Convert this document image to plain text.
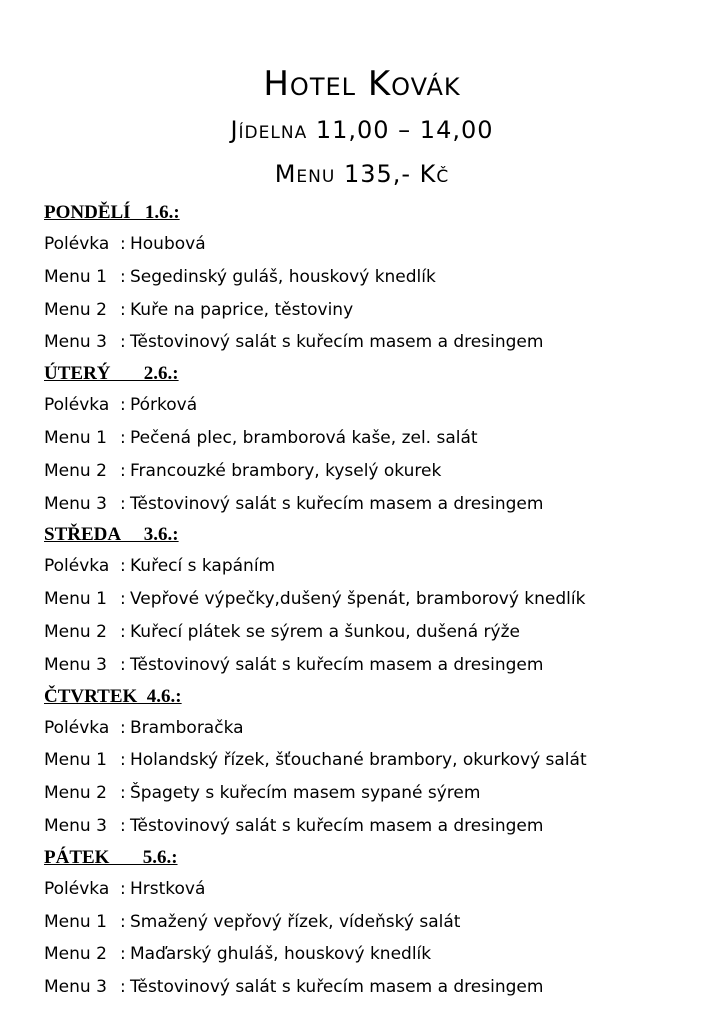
Hotel Kovák
Jídelna 11,00 – 14,00
Menu 135,- Kč
PONDĚLÍ   1.6.:
Polévka : Houbová
Menu 1 : Segedinský guláš, houskový knedlík
Menu 2 : Kuře na paprice, těstoviny
Menu 3 : Těstovinový salát s kuřecím masem a dresingem
ÚTERÝ       2.6.:
Polévka : Pórková
Menu 1 : Pečená plec, bramborová kaše, zel. salát
Menu 2 : Francouzké brambory, kyselý okurek
Menu 3 : Těstovinový salát s kuřecím masem a dresingem
STŘEDA     3.6.:
Polévka : Kuřecí s kapáním
Menu 1 : Vepřové výpečky,dušený špenát, bramborový knedlík
Menu 2 : Kuřecí plátek se sýrem a šunkou, dušená rýže
Menu 3 : Těstovinový salát s kuřecím masem a dresingem
ČTVRTEK  4.6.:
Polévka : Bramboračka
Menu 1 : Holandský řízek, šťouchané brambory, okurkový salát
Menu 2 : Špagety s kuřecím masem sypané sýrem
Menu 3 : Těstovinový salát s kuřecím masem a dresingem
PÁTEK       5.6.:
Polévka : Hrstková
Menu 1 : Smažený vepřový řízek, vídeňský salát
Menu 2 : Maďarský ghuláš, houskový knedlík
Menu 3 : Těstovinový salát s kuřecím masem a dresingem
